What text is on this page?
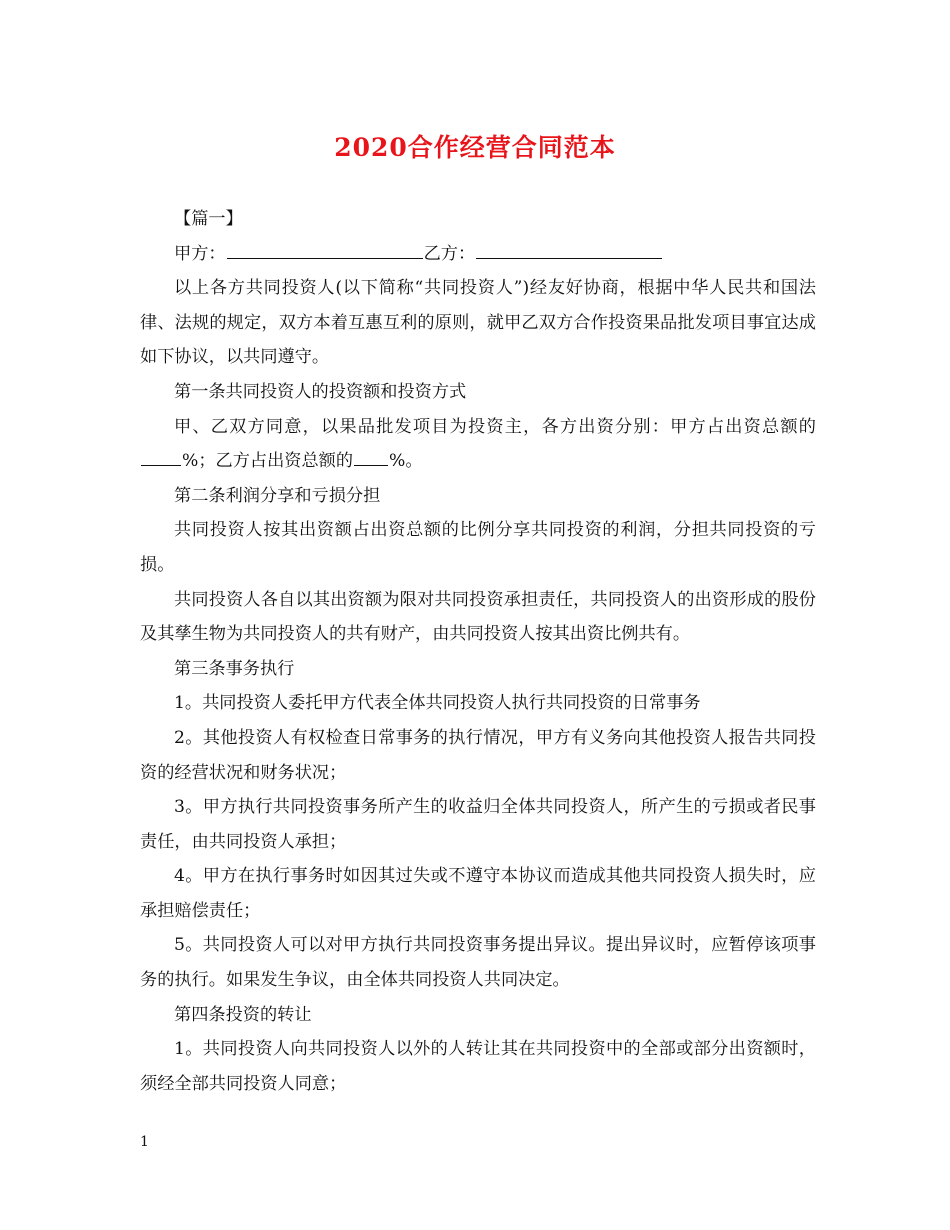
2020合作经营合同范本

【篇一】

甲方：	乙方：

以上各方共同投资人(以下简称“共同投资人”)经友好协商，根据中华人民共和国法律、法规的规定，双方本着互惠互利的原则，就甲乙双方合作投资果品批发项目事宜达成如下协议，以共同遵守。

第一条共同投资人的投资额和投资方式

甲、乙双方同意，以果品批发项目为投资主，各方出资分别：甲方占出资总额的%；乙方占出资总额的 %。

第二条利润分享和亏损分担

共同投资人按其出资额占出资总额的比例分享共同投资的利润，分担共同投资的亏损。

共同投资人各自以其出资额为限对共同投资承担责任，共同投资人的出资形成的股份及其孳生物为共同投资人的共有财产，由共同投资人按其出资比例共有。

第三条事务执行

1。共同投资人委托甲方代表全体共同投资人执行共同投资的日常事务

2。其他投资人有权检查日常事务的执行情况，甲方有义务向其他投资人报告共同投资的经营状况和财务状况；

3。甲方执行共同投资事务所产生的收益归全体共同投资人，所产生的亏损或者民事责任，由共同投资人承担；

4。甲方在执行事务时如因其过失或不遵守本协议而造成其他共同投资人损失时，应承担赔偿责任；

5。共同投资人可以对甲方执行共同投资事务提出异议。提出异议时，应暂停该项事务的执行。如果发生争议，由全体共同投资人共同决定。

第四条投资的转让

1。共同投资人向共同投资人以外的人转让其在共同投资中的全部或部分出资额时，须经全部共同投资人同意；

1
